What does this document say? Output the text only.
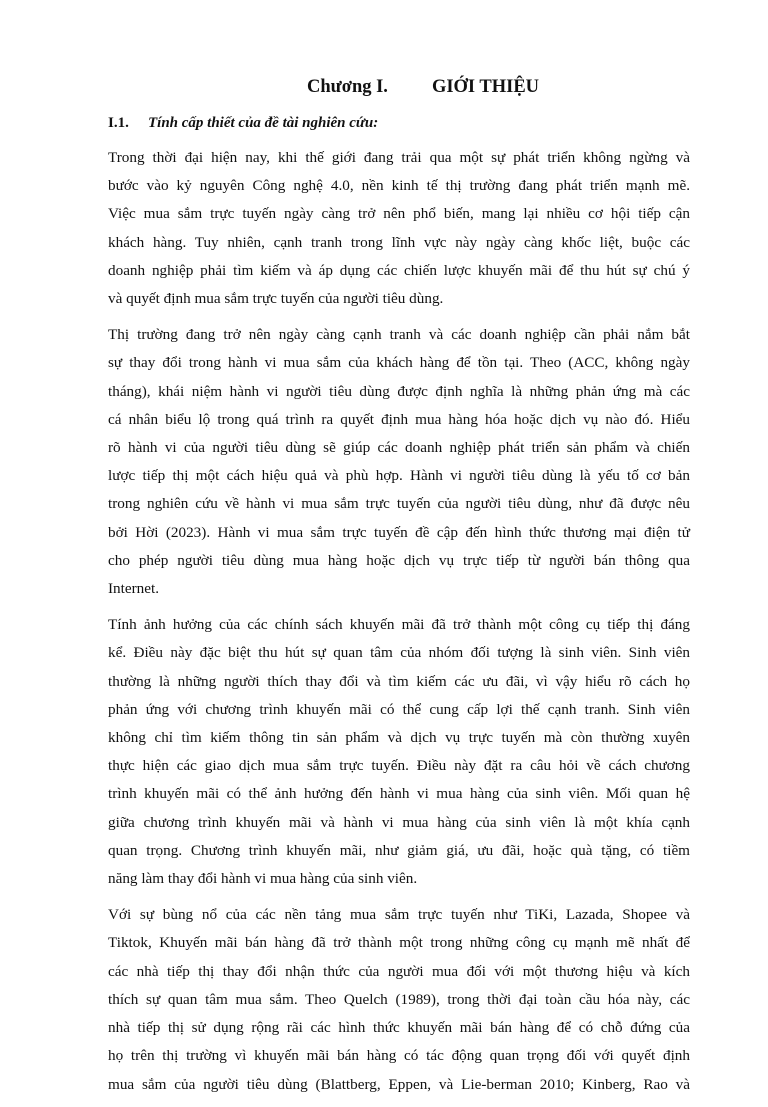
Chương I. GIỚI THIỆU
I.1. Tính cấp thiết của đề tài nghiên cứu:

Trong thời đại hiện nay, khi thế giới đang trải qua một sự phát triển không ngừng và
bước vào kỷ nguyên Công nghệ 4.0, nền kinh tế thị trường đang phát triển mạnh mẽ.
Việc mua sắm trực tuyến ngày càng trở nên phổ biến, mang lại nhiều cơ hội tiếp cận
khách hàng. Tuy nhiên, cạnh tranh trong lĩnh vực này ngày càng khốc liệt, buộc các
doanh nghiệp phải tìm kiếm và áp dụng các chiến lược khuyến mãi để thu hút sự chú ý
và quyết định mua sắm trực tuyến của người tiêu dùng.

Thị trường đang trở nên ngày càng cạnh tranh và các doanh nghiệp cần phải nắm bắt
sự thay đổi trong hành vi mua sắm của khách hàng để tồn tại. Theo (ACC, không ngày
tháng), khái niệm hành vi người tiêu dùng được định nghĩa là những phản ứng mà các
cá nhân biểu lộ trong quá trình ra quyết định mua hàng hóa hoặc dịch vụ nào đó. Hiểu
rõ hành vi của người tiêu dùng sẽ giúp các doanh nghiệp phát triển sản phẩm và chiến
lược tiếp thị một cách hiệu quả và phù hợp. Hành vi người tiêu dùng là yếu tố cơ bản
trong nghiên cứu về hành vi mua sắm trực tuyến của người tiêu dùng, như đã được nêu
bởi Hời (2023). Hành vi mua sắm trực tuyến đề cập đến hình thức thương mại điện tử
cho phép người tiêu dùng mua hàng hoặc dịch vụ trực tiếp từ người bán thông qua
Internet.

Tính ảnh hưởng của các chính sách khuyến mãi đã trở thành một công cụ tiếp thị đáng
kể. Điều này đặc biệt thu hút sự quan tâm của nhóm đối tượng là sinh viên. Sinh viên
thường là những người thích thay đổi và tìm kiếm các ưu đãi, vì vậy hiểu rõ cách họ
phản ứng với chương trình khuyến mãi có thể cung cấp lợi thế cạnh tranh. Sinh viên
không chỉ tìm kiếm thông tin sản phẩm và dịch vụ trực tuyến mà còn thường xuyên
thực hiện các giao dịch mua sắm trực tuyến. Điều này đặt ra câu hỏi về cách chương
trình khuyến mãi có thể ảnh hưởng đến hành vi mua hàng của sinh viên. Mối quan hệ
giữa chương trình khuyến mãi và hành vi mua hàng của sinh viên là một khía cạnh
quan trọng. Chương trình khuyến mãi, như giảm giá, ưu đãi, hoặc quà tặng, có tiềm
năng làm thay đổi hành vi mua hàng của sinh viên.

Với sự bùng nổ của các nền tảng mua sắm trực tuyến như TiKi, Lazada, Shopee và
Tiktok, Khuyến mãi bán hàng đã trở thành một trong những công cụ mạnh mẽ nhất để
các nhà tiếp thị thay đổi nhận thức của người mua đối với một thương hiệu và kích
thích sự quan tâm mua sắm. Theo Quelch (1989), trong thời đại toàn cầu hóa này, các
nhà tiếp thị sử dụng rộng rãi các hình thức khuyến mãi bán hàng để có chỗ đứng của
họ trên thị trường vì khuyến mãi bán hàng có tác động quan trọng đối với quyết định
mua sắm của người tiêu dùng (Blattberg, Eppen, và Lie-berman 2010; Kinberg, Rao và
